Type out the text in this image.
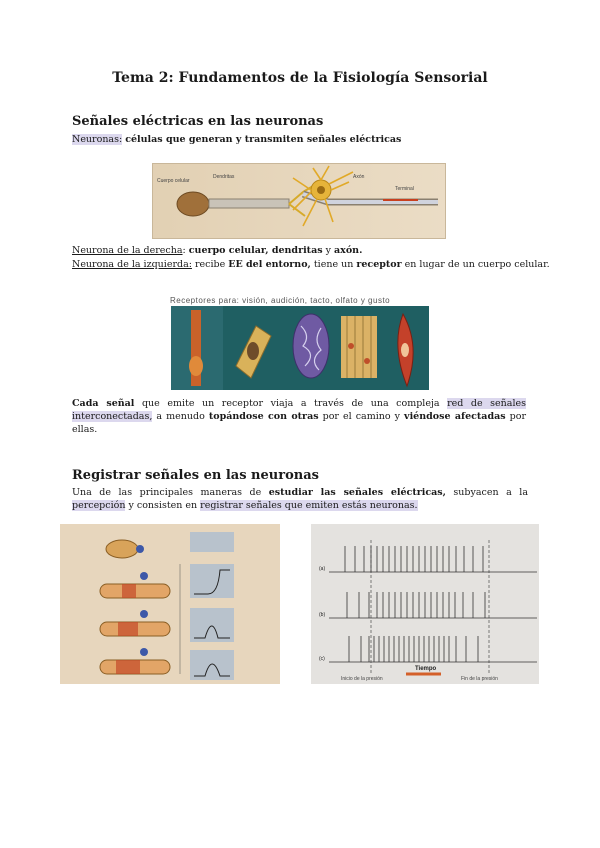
Tema 2: Fundamentos de la Fisiología Sensorial
Señales eléctricas en las neuronas
Neuronas: células que generan y transmiten señales eléctricas
Axón
Cuerpo celular
Dendritas
Terminal
Neurona de la derecha: cuerpo celular, dendritas y axón.
Neurona de la izquierda: recibe EE del entorno, tiene un receptor en lugar de un cuerpo celular.
Receptores para: visión, audición, tacto, olfato y gusto
Cada señal que emite un receptor viaja a través de una compleja red de señales interconectadas, a menudo topándose con otras por el camino y viéndose afectadas por ellas.
Registrar señales en las neuronas
Una de las principales maneras de estudiar las señales eléctricas, subyacen a la percepción y consisten en registrar señales que emiten estás neuronas.
(a)
(b)
(c)
Tiempo
Inicio de la presión	Fin de la presión
